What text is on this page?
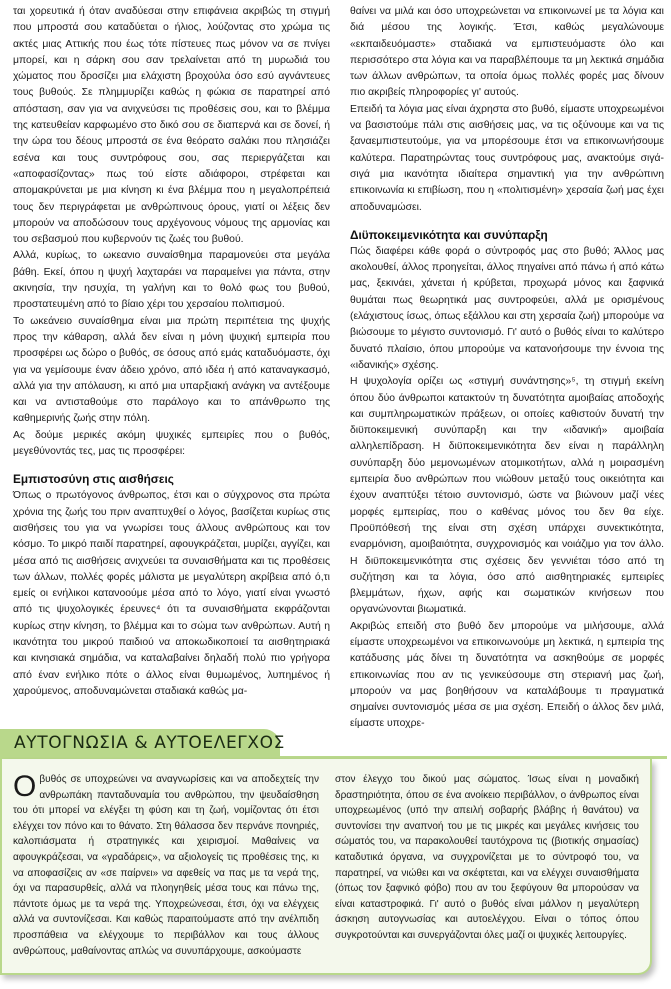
ται χορευτικά ή όταν αναδύεσαι στην επιφάνεια ακριβώς τη στιγμή που μπροστά σου καταδύεται ο ήλιος, λούζοντας στο χρώμα τις ακτές μιας Αττικής που έως τότε πίστευες πως μόνον να σε πνίγει μπορεί, και η σάρκη σου σαν τρελαίνεται από τη μυρωδιά του χώματος που δροσίζει μια ελάχιστη βροχούλα όσο εσύ αγνάντευες τους βυθούς. Σε πλημμυρίζει καθώς η φώκια σε παρατηρεί από απόσταση, σαν για να ανιχνεύσει τις προθέσεις σου, και το βλέμμα της κατευθείαν καρφωμένο στο δικό σου σε διαπερνά και σε δονεί, ή την ώρα του δέους μπροστά σε ένα θεόρατο σαλάκι που πλησιάζει εσένα και τους συντρόφους σου, σας περιεργάζεται και «αποφασίζοντας» πως τού είστε αδιάφοροι, στρέφεται και απομακρύνεται με μια κίνηση κι ένα βλέμμα που η μεγαλοπρέπειά τους δεν περιγράφεται με ανθρώπινους όρους, γιατί οι λέξεις δεν μπορούν να αποδώσουν τους αρχέγονους νόμους της αρμονίας και του σεβασμού που κυβερνούν τις ζωές του βυθού.

Αλλά, κυρίως, το ωκεανιο συναίσθημα παραμονεύει στα μεγάλα βάθη. Εκεί, όπου η ψυχή λαχταράει να παραμείνει για πάντα, στην ακινησία, την ησυχία, τη γαλήνη και το θολό φως του βυθού, προστατευμένη από το βίαιο χέρι του χερσαίου πολιτισμού.

Το ωκεάνειο συναίσθημα είναι μια πρώτη περιπέτεια της ψυχής προς την κάθαρση, αλλά δεν είναι η μόνη ψυχική εμπειρία που προσφέρει ως δώρο ο βυθός, σε όσους από εμάς καταδυόμαστε, όχι για να γεμίσουμε έναν άδειο χρόνο, από ιδέα ή από καταναγκασμό, αλλά για την απόλαυση, κι από μια υπαρξιακή ανάγκη να αντέξουμε και να αντισταθούμε στο παράλογο και το απάνθρωπο της καθημερινής ζωής στην πόλη.

Ας δούμε μερικές ακόμη ψυχικές εμπειρίες που ο βυθός, μεγεθύνοντάς τες, μας τις προσφέρει:

Εμπιστοσύνη στις αισθήσεις

Όπως ο πρωτόγονος άνθρωπος, έτσι και ο σύγχρονος στα πρώτα χρόνια της ζωής του πριν αναπτυχθεί ο λόγος, βασίζεται κυρίως στις αισθήσεις του για να γνωρίσει τους άλλους ανθρώπους και τον κόσμο. Το μικρό παιδί παρατηρεί, αφουγκράζεται, μυρίζει, αγγίζει, και μέσα από τις αισθήσεις ανιχνεύει τα συναισθήματα και τις προθέσεις των άλλων, πολλές φορές μάλιστα με μεγαλύτερη ακρίβεια από ό,τι εμείς οι ενήλικοι κατανοούμε μέσα από το λόγο, γιατί είναι γνωστό από τις ψυχολογικές έρευνες⁴ ότι τα συναισθήματα εκφράζονται κυρίως στην κίνηση, το βλέμμα και το σώμα των ανθρώπων. Αυτή η ικανότητα του μικρού παιδιού να αποκωδικοποιεί τα αισθητηριακά και κινησιακά σημάδια, να καταλαβαίνει δηλαδή πολύ πιο γρήγορα από έναν ενήλικο πότε ο άλλος είναι θυμωμένος, λυπημένος ή χαρούμενος, αποδυναμώνεται σταδιακά καθώς μα-

θαίνει να μιλά και όσο υποχρεώνεται να επικοινωνεί με τα λόγια και διά μέσου της λογικής. Έτσι, καθώς μεγαλώνουμε «εκπαιδευόμαστε» σταδιακά να εμπιστευόμαστε όλο και περισσότερο στα λόγια και να παραβλέπουμε τα μη λεκτικά σημάδια των άλλων ανθρώπων, τα οποία όμως πολλές φορές μας δίνουν πιο ακριβείς πληροφορίες γι' αυτούς.

Επειδή τα λόγια μας είναι άχρηστα στο βυθό, είμαστε υποχρεωμένοι να βασιστούμε πάλι στις αισθήσεις μας, να τις οξύνουμε και να τις ξαναεμπιστευτούμε, για να μπορέσουμε έτσι να επικοινωνήσουμε καλύτερα. Παρατηρώντας τους συντρόφους μας, ανακτούμε σιγά-σιγά μια ικανότητα ιδιαίτερα σημαντική για την ανθρώπινη επικοινωνία κι επιβίωση, που η «πολιτισμένη» χερσαία ζωή μας έχει αποδυναμώσει.

Διϋποκειμενικότητα και συνύπαρξη

Πώς διαφέρει κάθε φορά ο σύντροφός μας στο βυθό; Άλλος μας ακολουθεί, άλλος προηγείται, άλλος πηγαίνει από πάνω ή από κάτω μας, ξεκινάει, χάνεται ή κρύβεται, προχωρά μόνος και ξαφνικά θυμάται πως θεωρητικά μας συντροφεύει, αλλά με ορισμένους (ελάχιστους ίσως, όπως εξάλλου και στη χερσαία ζωή) μπορούμε να βιώσουμε το μέγιστο συντονισμό. Γι' αυτό ο βυθός είναι το καλύτερο δυνατό πλαίσιο, όπου μπορούμε να κατανοήσουμε την έννοια της «ιδανικής» σχέσης.

Η ψυχολογία ορίζει ως «στιγμή συνάντησης»⁵, τη στιγμή εκείνη όπου δύο άνθρωποι κατακτούν τη δυνατότητα αμοιβαίας αποδοχής και συμπληρωματικών πράξεων, οι οποίες καθιστούν δυνατή την διϋποκειμενική συνύπαρξη και την «ιδανική» αμοιβαία αλληλεπίδραση. Η διϋποκειμενικότητα δεν είναι η παράλληλη συνύπαρξη δύο μεμονωμένων ατομικοτήτων, αλλά η μοιρασμένη εμπειρία δυο ανθρώπων που νιώθουν μεταξύ τους οικειότητα και έχουν αναπτύξει τέτοιο συντονισμό, ώστε να βιώνουν μαζί νέες μορφές εμπειρίας, που ο καθένας μόνος του δεν θα είχε. Προϋπόθεσή της είναι στη σχέση υπάρχει συνεκτικότητα, εναρμόνιση, αμοιβαιότητα, συγχρονισμός και νοιάζιμο για τον άλλο. Η διϋποκειμενικότητα στις σχέσεις δεν γεννιέται τόσο από τη συζήτηση και τα λόγια, όσο από αισθητηριακές εμπειρίες βλεμμάτων, ήχων, αφής και σωματικών κινήσεων που οργανώνονται βιωματικά.

Ακριβώς επειδή στο βυθό δεν μπορούμε να μιλήσουμε, αλλά είμαστε υποχρεωμένοι να επικοινωνούμε μη λεκτικά, η εμπειρία της κατάδυσης μάς δίνει τη δυνατότητα να ασκηθούμε σε μορφές επικοινωνίας που αν τις γενικεύσουμε στη στεριανή μας ζωή, μπορούν να μας βοηθήσουν να καταλάβουμε τι πραγματικά σημαίνει συντονισμός μέσα σε μια σχέση. Επειδή ο άλλος δεν μιλά, είμαστε υποχρε-

ΑΥΤΟΓΝΩΣΙΑ & ΑΥΤΟΕΛΕΓΧΟΣ

Οβυθός σε υποχρεώνει να αναγνωρίσεις και να αποδεχτείς την ανθρωπάκη πανταδυναμία του ανθρώπου, την ψευδαίσθηση του ότι μπορεί να ελέγξει τη φύση και τη ζωή, νομίζοντας ότι έτσι ελέγχει τον πόνο και το θάνατο. Στη θάλασσα δεν περνάνε πονηριές, καλοπιάσματα ή στρατηγικές και χειρισμοί. Μαθαίνεις να αφουγκράζεσαι, να «γραδάρεις», να αξιολογείς τις προθέσεις της, κι να αποφασίζεις αν «σε παίρνει» να αφεθείς να πας με τα νερά της, όχι να παρασυρθείς, αλλά να πλοηγηθείς μέσα τους και πάνω της, πάντοτε όμως με τα νερά της. Υποχρεώνεσαι, έτσι, όχι να ελέγχεις αλλά να συντονίζεσαι. Και καθώς παραιτούμαστε από την ανέλπιδη προσπάθεια να ελέγχουμε το περιβάλλον και τους άλλους ανθρώπους, μαθαίνοντας απλώς να συνυπάρχουμε, ασκούμαστε

στον έλεγχο του δικού μας σώματος. Ίσως είναι η μοναδική δραστηριότητα, όπου σε ένα ανοίκειο περιβάλλον, ο άνθρωπος είναι υποχρεωμένος (υπό την απειλή σοβαρής βλάβης ή θανάτου) να συντονίσει την αναπνοή του με τις μικρές και μεγάλες κινήσεις του σώματός του, να παρακολουθεί ταυτόχρονα τις (βιοτικής σημασίας) καταδυτικά όργανα, να συγχρονίζεται με το σύντροφό του, να παρατηρεί, να νιώθει και να σκέφτεται, και να ελέγχει συναισθήματα (όπως τον ξαφνικό φόβο) που αν του ξεφύγουν θα μπορούσαν να είναι καταστροφικά. Γι' αυτό ο βυθός είναι μάλλον η μεγαλύτερη άσκηση αυτογνωσίας και αυτοελέγχου. Είναι ο τόπος όπου συγκροτούνται και συνεργάζονται όλες μαζί οι ψυχικές λειτουργίες.
